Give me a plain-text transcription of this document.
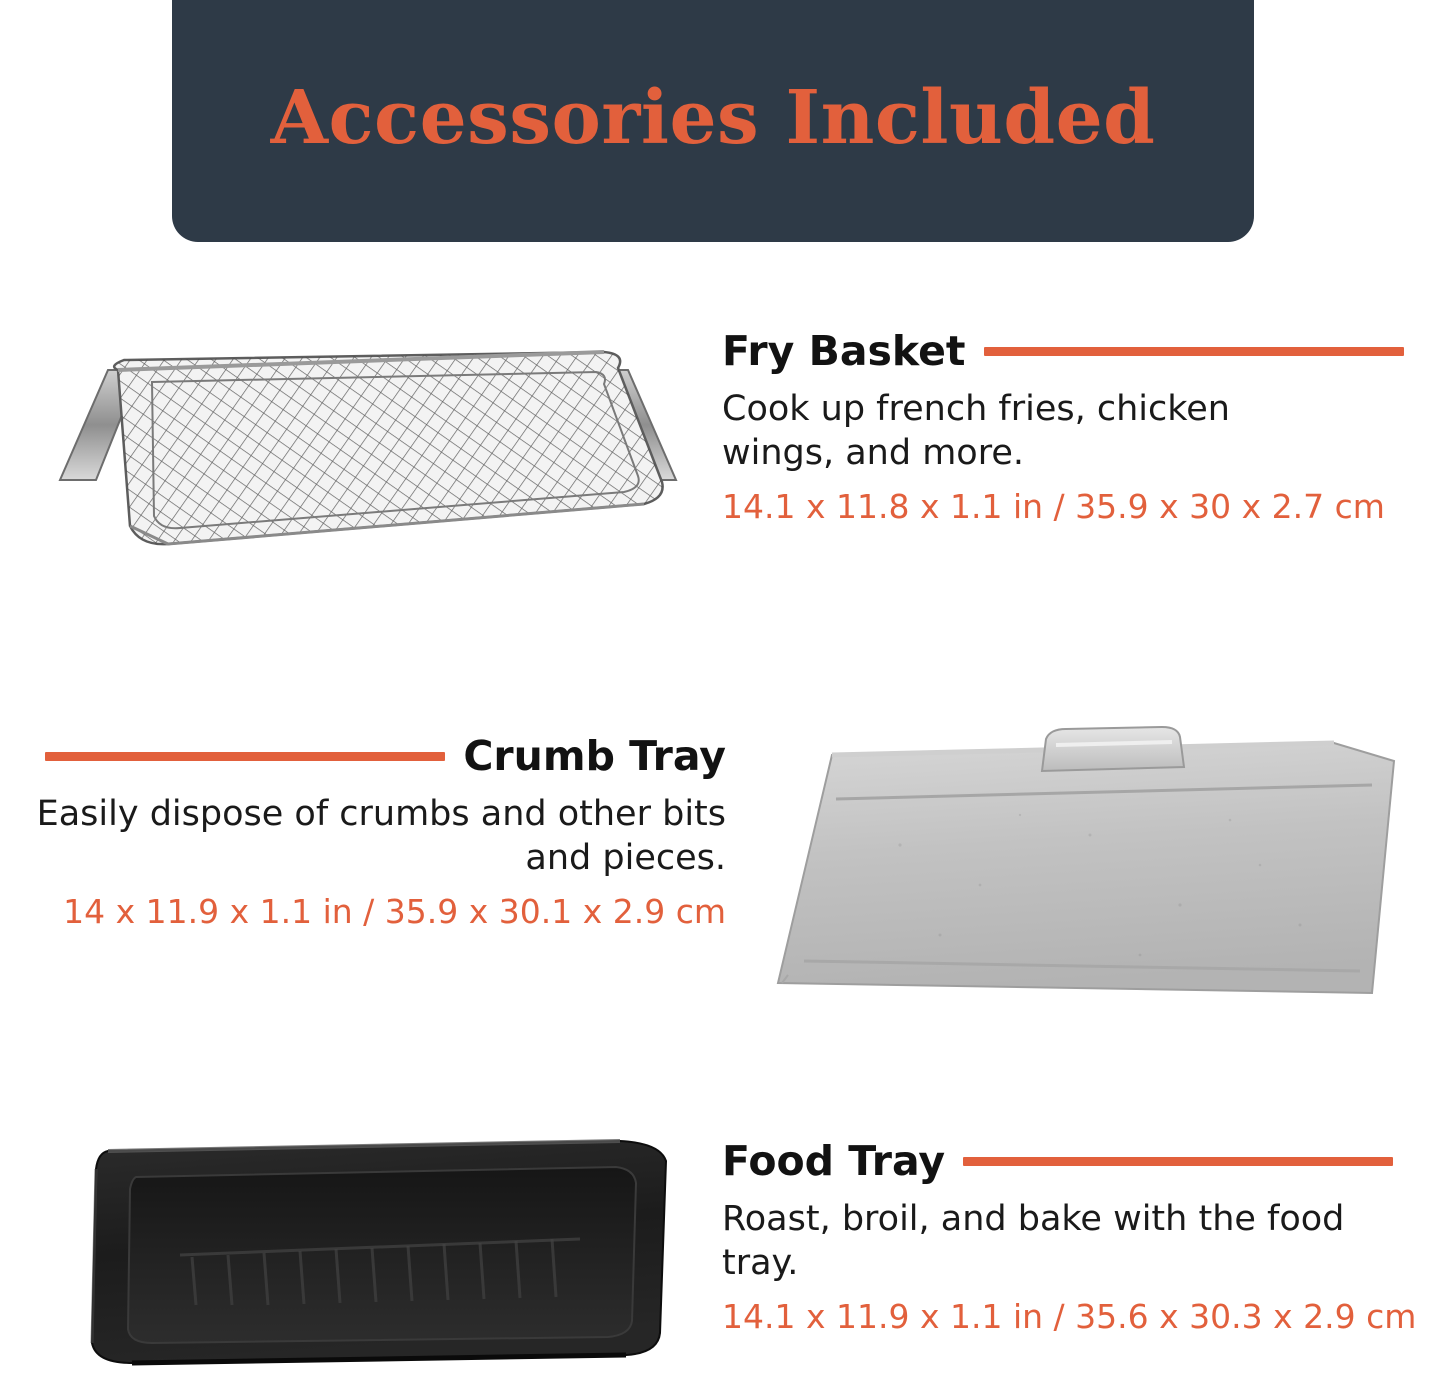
Accessories Included
Fry Basket
Cook up french fries, chicken wings, and more.
14.1 x 11.8 x 1.1 in / 35.9 x 30 x 2.7 cm
Crumb Tray
Easily dispose of crumbs and other bits and pieces.
14 x 11.9 x 1.1 in / 35.9 x 30.1 x 2.9 cm
Food Tray
Roast, broil, and bake with the food tray.
14.1 x 11.9 x 1.1 in / 35.6 x 30.3 x 2.9 cm
